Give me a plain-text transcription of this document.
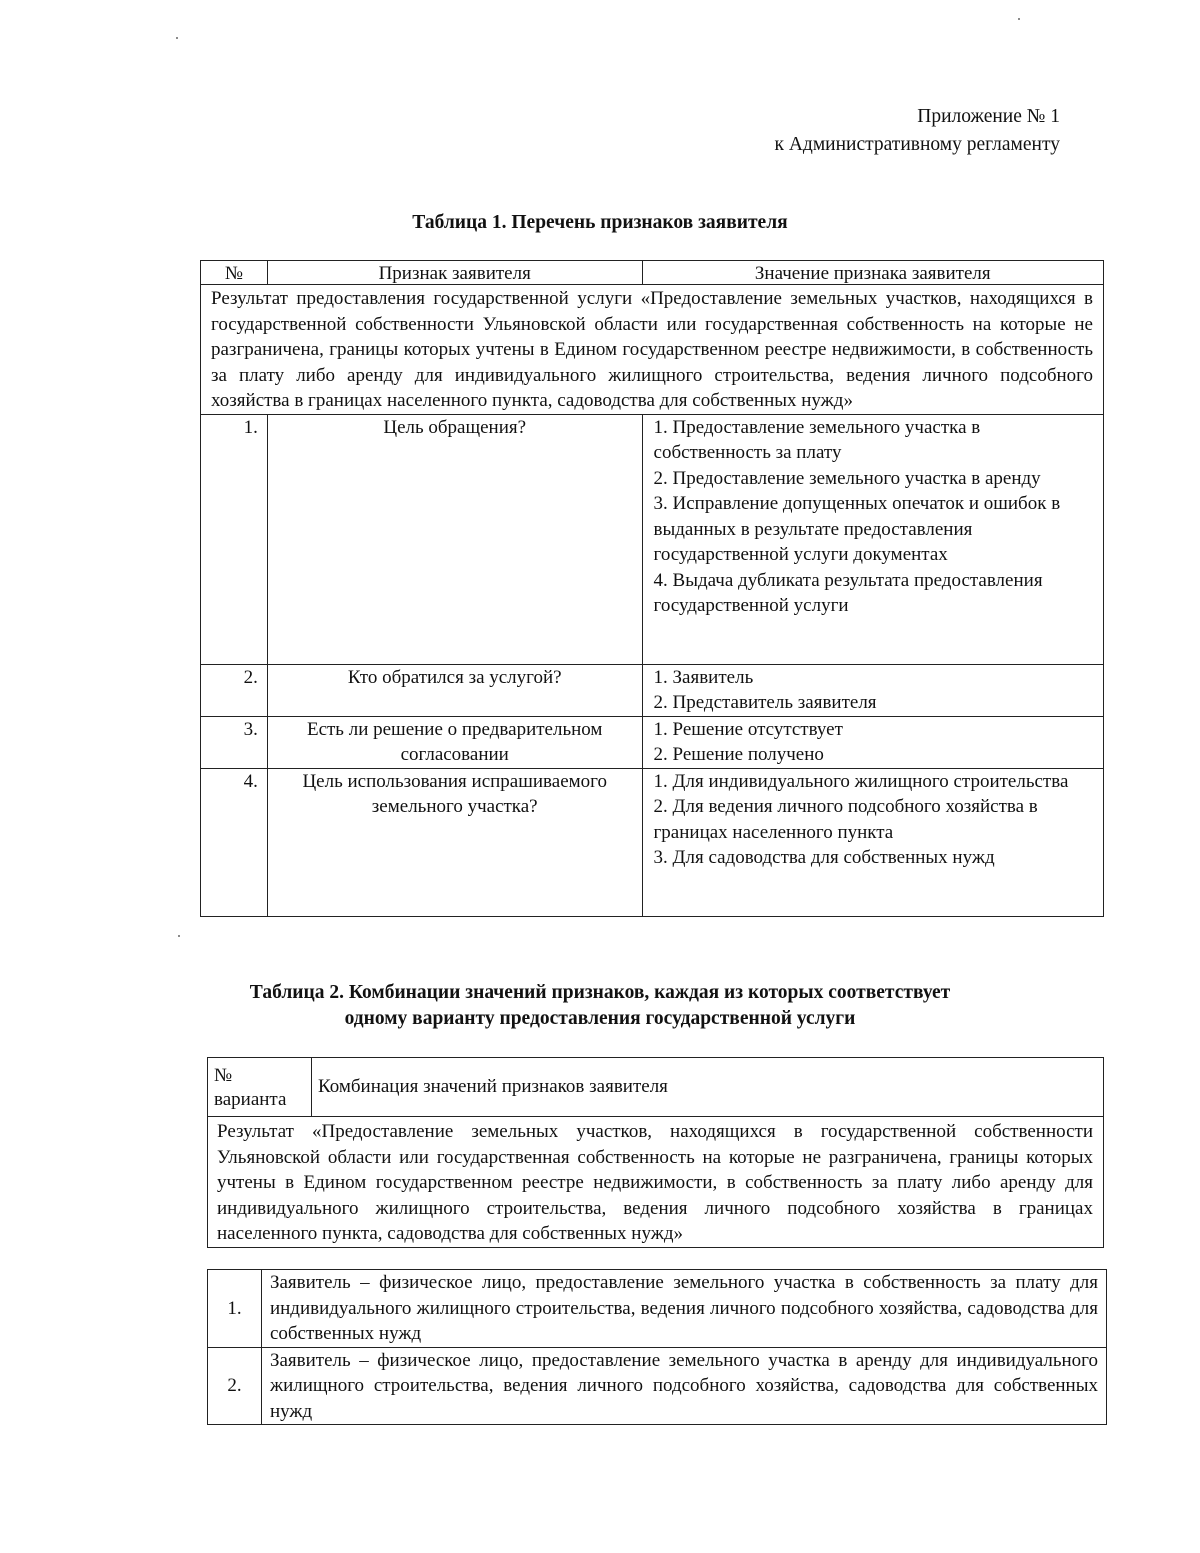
Приложение № 1
к Административному регламенту
Таблица 1. Перечень признаков заявителя
№	Признак заявителя	Значение признака заявителя
Результат предоставления государственной услуги «Предоставление земельных участков, находящихся в государственной собственности Ульяновской области или государственная собственность на которые не разграничена, границы которых учтены в Едином государственном реестре недвижимости, в собственность за плату либо аренду для индивидуального жилищного строительства, ведения личного подсобного хозяйства в границах населенного пункта, садоводства для собственных нужд»		
1.	Цель обращения?	1. Предоставление земельного участка в собственность за плату
2. Предоставление земельного участка в аренду
3. Исправление допущенных опечаток и ошибок в выданных в результате предоставления государственной услуги документах
4. Выдача дубликата результата предоставления государственной услуги

2.	Кто обратился за услугой?	1. Заявитель
2. Представитель заявителя

3.	Есть ли решение о предварительном согласовании	1. Решение отсутствует
2. Решение получено

4.	Цель использования испрашиваемого земельного участка?	1. Для индивидуального жилищного строительства
2. Для ведения личного подсобного хозяйства в границах населенного пункта
3. Для садоводства для собственных нужд
Таблица 2. Комбинации значений признаков, каждая из которых соответствует
одному варианту предоставления государственной услуги
№
варианта
	Комбинация значений признаков заявителя
Результат «Предоставление земельных участков, находящихся в государственной собственности Ульяновской области или государственная собственность на которые не разграничена, границы которых учтены в Едином государственном реестре недвижимости, в собственность за плату либо аренду для индивидуального жилищного строительства, ведения личного подсобного хозяйства в границах населенного пункта, садоводства для собственных нужд»
1.	Заявитель – физическое лицо, предоставление земельного участка в собственность за плату для индивидуального жилищного строительства, ведения личного подсобного хозяйства, садоводства для собственных нужд
2.	Заявитель – физическое лицо, предоставление земельного участка в аренду для индивидуального жилищного строительства, ведения личного подсобного хозяйства, садоводства для собственных нужд
